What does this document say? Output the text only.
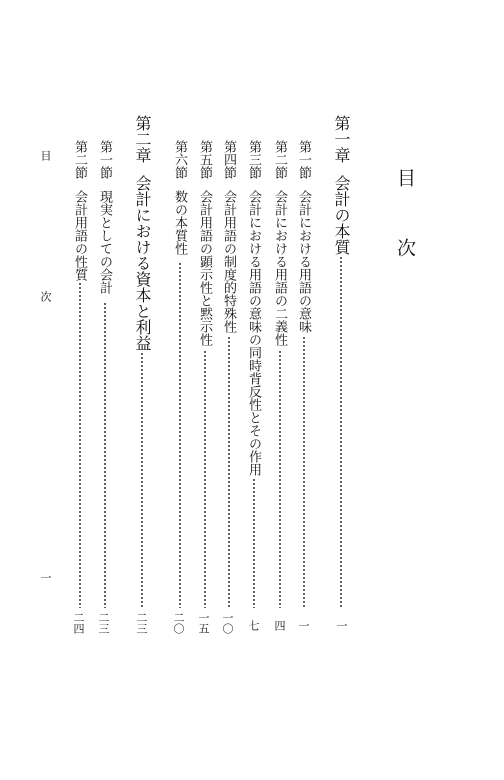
目　次
第一章
会計の本質
一
第一節
会計における用語の意味
一
第二節
会計における用語の二義性
四
第三節
会計における用語の意味の同時背反性とその作用
七
第四節
会計用語の制度的特殊性
一〇
第五節
会計用語の顕示性と黙示性
一五
第六節
数の本質性
二〇
第二章
会計における資本と利益
二三
第一節
現実としての会計
二三
第二節
会計用語の性質
二四
目　　次
一
